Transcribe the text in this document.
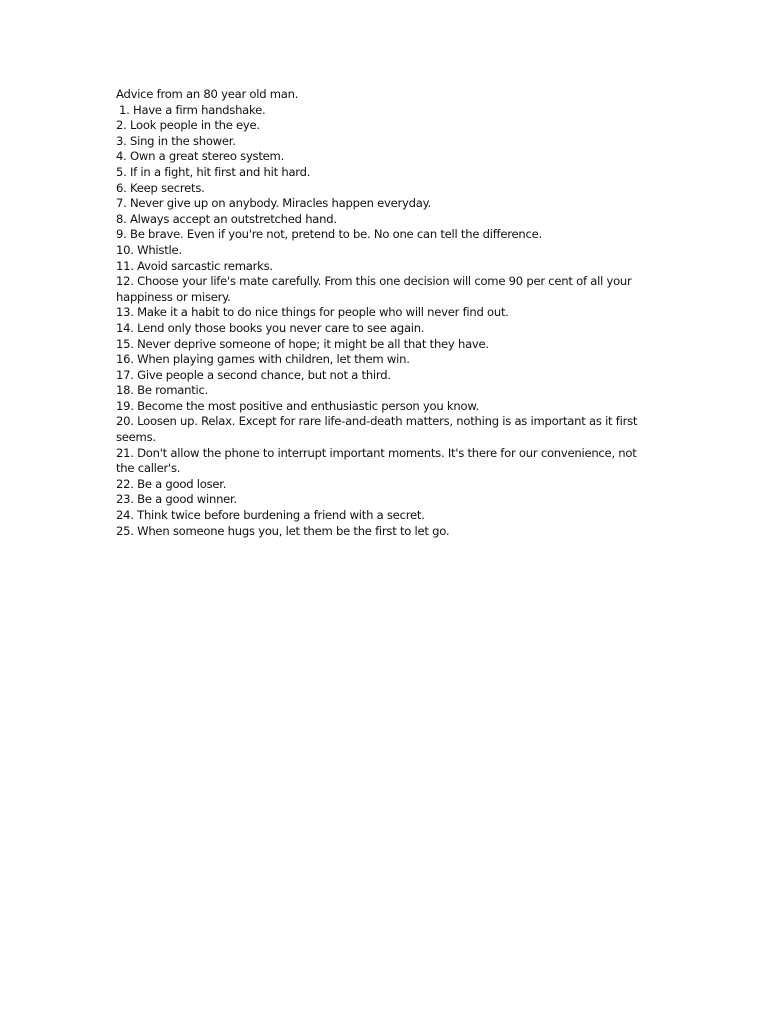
Advice from an 80 year old man.

1. Have a firm handshake.

2. Look people in the eye.

3. Sing in the shower.

4. Own a great stereo system.

5. If in a fight, hit first and hit hard.

6. Keep secrets.

7. Never give up on anybody. Miracles happen everyday.

8. Always accept an outstretched hand.

9. Be brave. Even if you're not, pretend to be. No one can tell the difference.

10. Whistle.

11. Avoid sarcastic remarks.

12. Choose your life's mate carefully. From this one decision will come 90 per cent of all your happiness or misery.

13. Make it a habit to do nice things for people who will never find out.

14. Lend only those books you never care to see again.

15. Never deprive someone of hope; it might be all that they have.

16. When playing games with children, let them win.

17. Give people a second chance, but not a third.

18. Be romantic.

19. Become the most positive and enthusiastic person you know.

20. Loosen up. Relax. Except for rare life-and-death matters, nothing is as important as it first seems.

21. Don't allow the phone to interrupt important moments. It's there for our convenience, not the caller's.

22. Be a good loser.

23. Be a good winner.

24. Think twice before burdening a friend with a secret.

25. When someone hugs you, let them be the first to let go.
